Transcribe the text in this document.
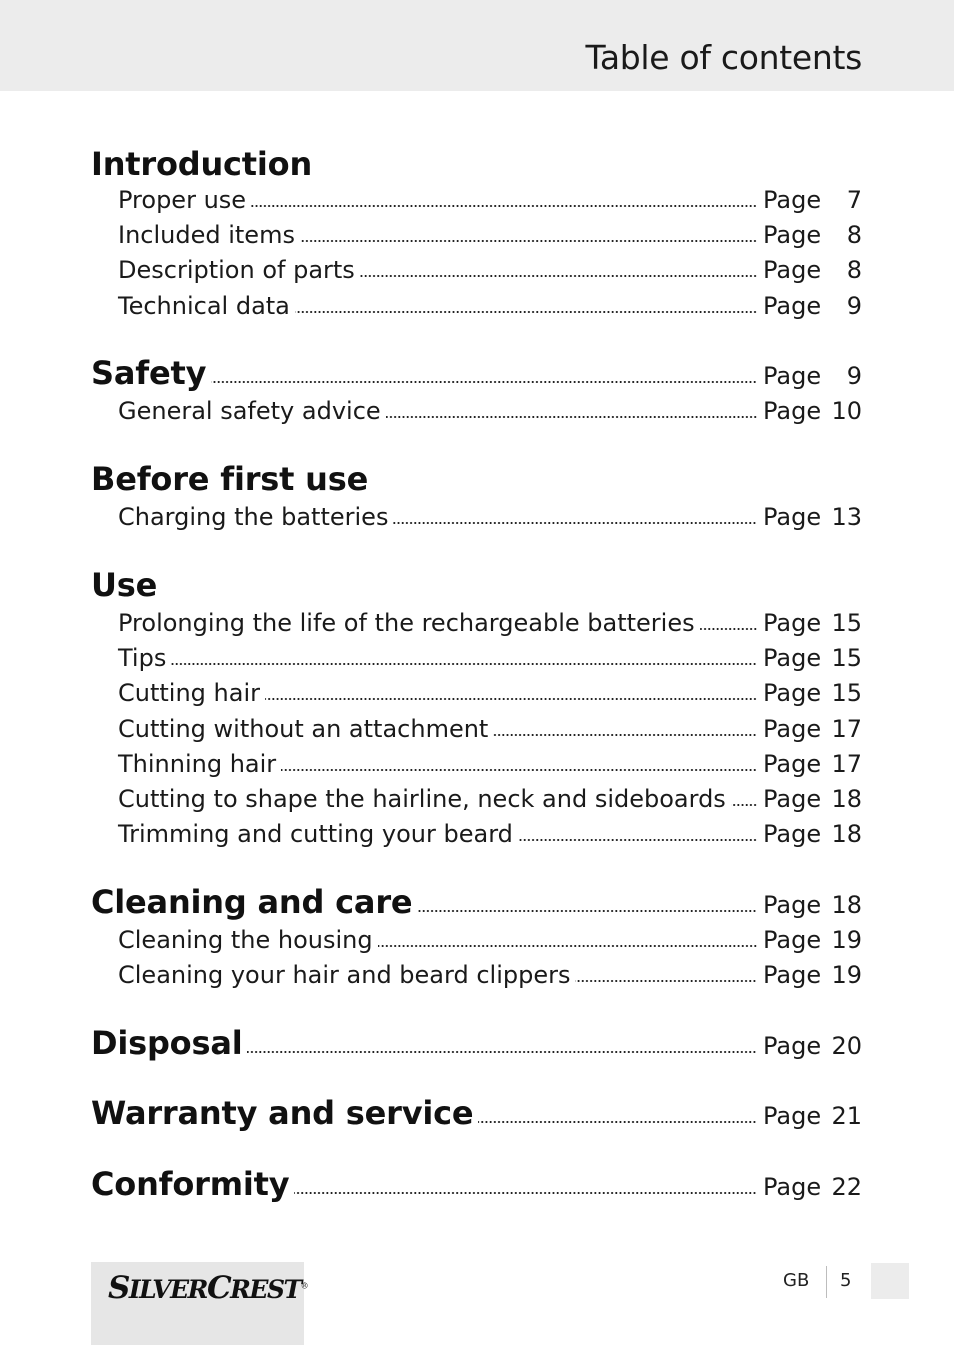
Table of contents
Introduction
Proper use	Page 7
Included items	Page 8
Description of parts	Page 8
Technical data	Page 9
Safety	Page 9
General safety advice	Page 10
Before first use
Charging the batteries	Page 13
Use
Prolonging the life of the rechargeable batteries	Page 15
Tips	Page 15
Cutting hair	Page 15
Cutting without an attachment	Page 17
Thinning hair	Page 17
Cutting to shape the hairline, neck and sideboards Page 18
Trimming and cutting your beard	Page 18
Cleaning and care	Page 18
Cleaning the housing	Page 19
Cleaning your hair and beard clippers	Page 19
Disposal	Page 20
Warranty and service	Page 21
Conformity	Page 22
SILVERCREST®	GB 5
